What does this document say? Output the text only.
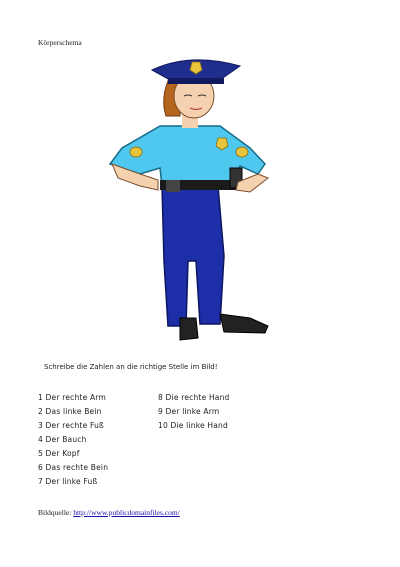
Körperschema
Schreibe die Zahlen an die richtige Stelle im Bild!
1 Der rechte Arm
2 Das linke Bein
3 Der rechte Fuß
4 Der Bauch
5 Der Kopf
6 Das rechte Bein
7 Der linke Fuß
8 Die rechte Hand
9 Der linke Arm
10 Die linke Hand
Bildquelle: http://www.publicdomainfiles.com/
